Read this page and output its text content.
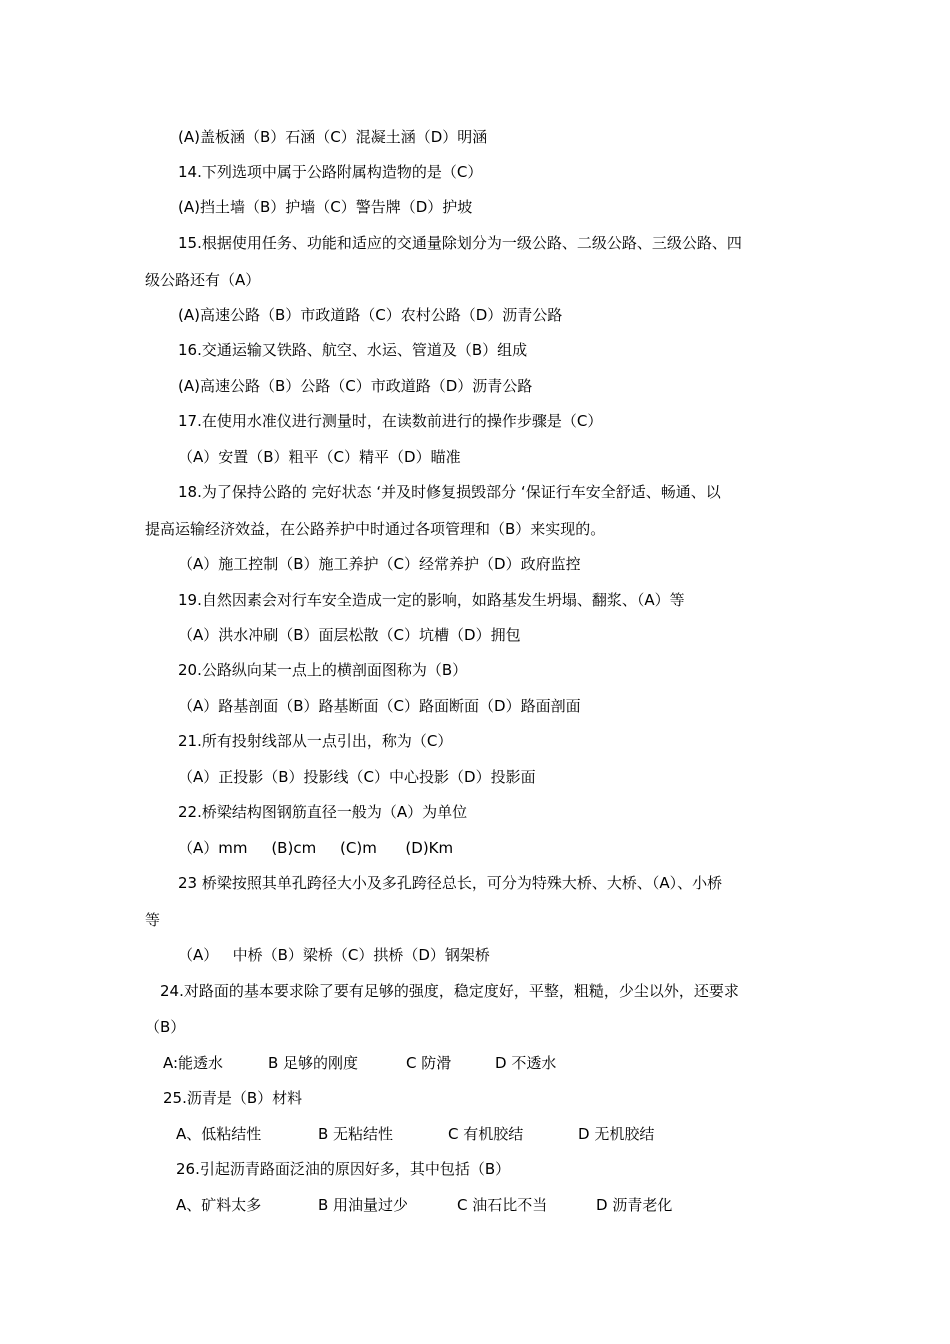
(A)盖板涵（B）石涵（C）混凝土涵（D）明涵
14.下列选项中属于公路附属构造物的是（C）
(A)挡土墙（B）护墙（C）警告牌（D）护坡
15.根据使用任务、功能和适应的交通量除划分为一级公路、二级公路、三级公路、四
级公路还有（A）
(A)高速公路（B）市政道路（C）农村公路（D）沥青公路
16.交通运输又铁路、航空、水运、管道及（B）组成
(A)高速公路（B）公路（C）市政道路（D）沥青公路
17.在使用水准仪进行测量时，在读数前进行的操作步骤是（C）
（A）安置（B）粗平（C）精平（D）瞄准
18.为了保持公路的 完好状态 ‘并及时修复损毁部分 ‘保证行车安全舒适、畅通、以
提高运输经济效益，在公路养护中时通过各项管理和（B）来实现的。
（A）施工控制（B）施工养护（C）经常养护（D）政府监控
19.自然因素会对行车安全造成一定的影响，如路基发生坍塌、翻浆、（A）等
（A）洪水冲刷（B）面层松散（C）坑槽（D）拥包
20.公路纵向某一点上的横剖面图称为（B）
（A）路基剖面（B）路基断面（C）路面断面（D）路面剖面
21.所有投射线部从一点引出，称为（C）
（A）正投影（B）投影线（C）中心投影（D）投影面
22.桥梁结构图钢筋直径一般为（A）为单位
（A）mm     (B)cm     (C)m      (D)Km
23 桥梁按照其单孔跨径大小及多孔跨径总长，可分为特殊大桥、大桥、（A）、小桥
等
（A）   中桥（B）梁桥（C）拱桥（D）钢架桥
24.对路面的基本要求除了要有足够的强度，稳定度好，平整，粗糙，少尘以外，还要求
（B）
A:能透水	B 足够的刚度	C 防滑	D 不透水
25.沥青是（B）材料
A、低粘结性	B 无粘结性	C 有机胶结	D 无机胶结
26.引起沥青路面泛油的原因好多，其中包括（B）
A、矿料太多	B 用油量过少	C 油石比不当	D 沥青老化
